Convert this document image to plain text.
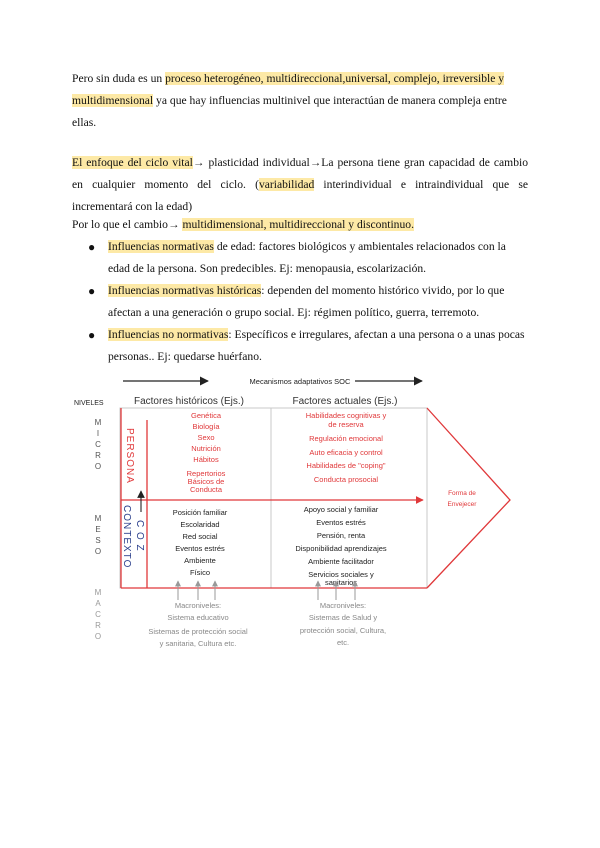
Pero sin duda es un proceso heterogéneo, multidireccional,universal, complejo, irreversible y multidimensional ya que hay influencias multinivel que interactúan de manera compleja entre ellas.

El enfoque del ciclo vital→ plasticidad individual→La persona tiene gran capacidad de cambio en cualquier momento del ciclo. (variabilidad interindividual e intraindividual que se incrementará con la edad)

Por lo que el cambio→ multidimensional, multidireccional y discontinuo.

● Influencias normativas de edad: factores biológicos y ambientales relacionados con la edad de la persona. Son predecibles. Ej: menopausia, escolarización.

● Influencias normativas históricas: dependen del momento histórico vivido, por lo que afectan a una generación o grupo social. Ej: régimen político, guerra, terremoto.

● Influencias no normativas: Específicos e irregulares, afectan a una persona o a unas pocas personas.. Ej: quedarse huérfano.

Mecanismos adaptativos SOC
NIVELES
M
I
C
R
O
M
E
S
O
M
A
C
R
O
Factores históricos (Ejs.)	Factores actuales (Ejs.)
Forma de
Envejecer
PERSONA
CONTEXTO C O Z
Genética
Biología
Sexo
Nutrición
Hábitos
Repertorios
Básicos de
Conducta
Habilidades cognitivas y
de reserva
Regulación emocional
Auto eficacia y control
Habilidades de "coping"
Conducta prosocial
Posición familiar
Escolaridad
Red social
Eventos estrés
Ambiente
Físico
Apoyo social y familiar
Eventos estrés
Pensión, renta
Disponibilidad aprendizajes
Ambiente facilitador
Servicios sociales y
sanitarios
Macroniveles:
Sistema educativo
Sistemas de protección social
y sanitaria, Cultura etc.
Macroniveles:
Sistemas de Salud y
protección social, Cultura,
etc.
